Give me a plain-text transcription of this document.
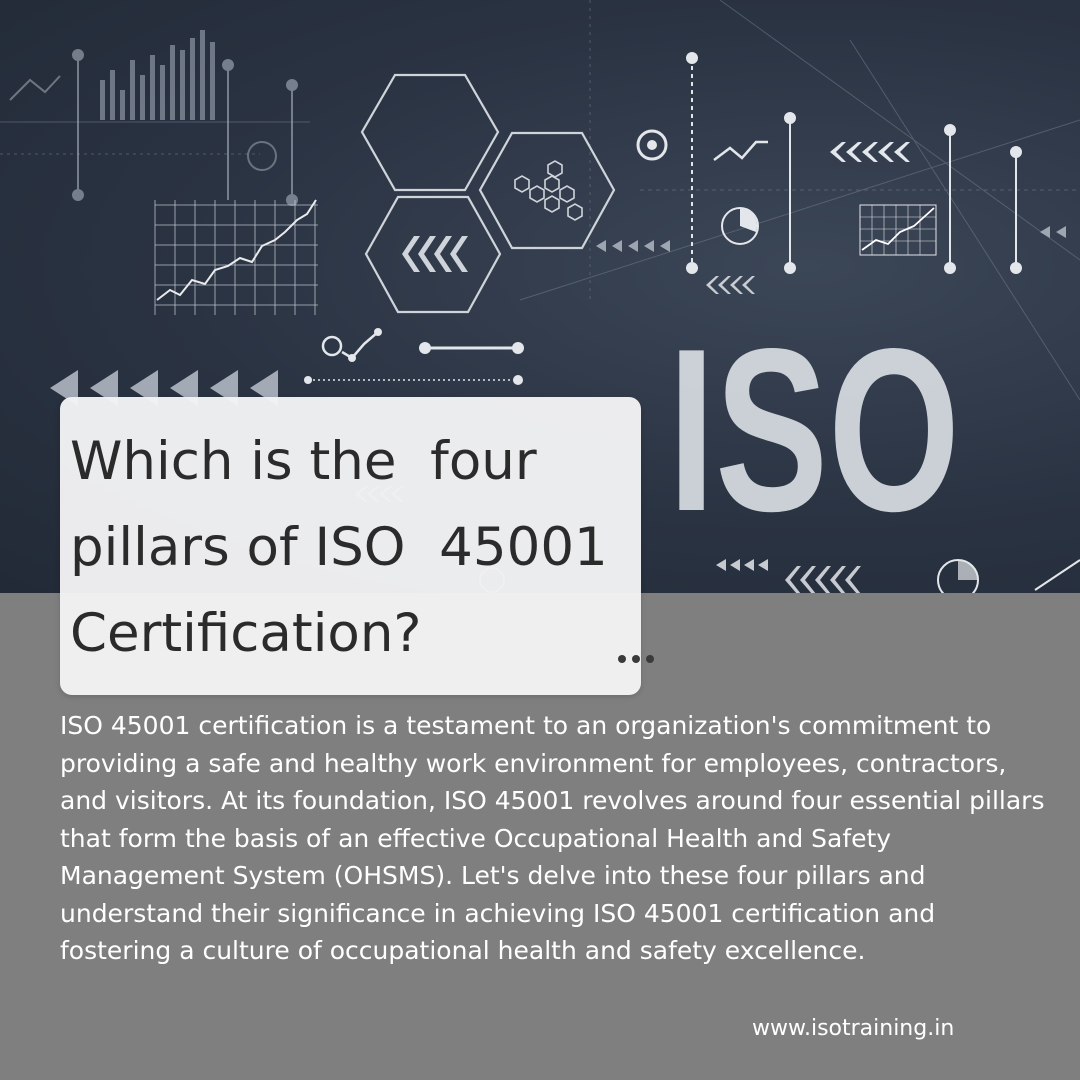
ISO
Which is the  four pillars of ISO  45001 Certification?

ISO 45001 certification is a testament to an organization's commitment to providing a safe and healthy work environment for employees, contractors, and visitors. At its foundation, ISO 45001 revolves around four essential pillars that form the basis of an effective Occupational Health and Safety Management System (OHSMS). Let's delve into these four pillars and understand their significance in achieving ISO 45001 certification and fostering a culture of occupational health and safety excellence.

www.isotraining.in
